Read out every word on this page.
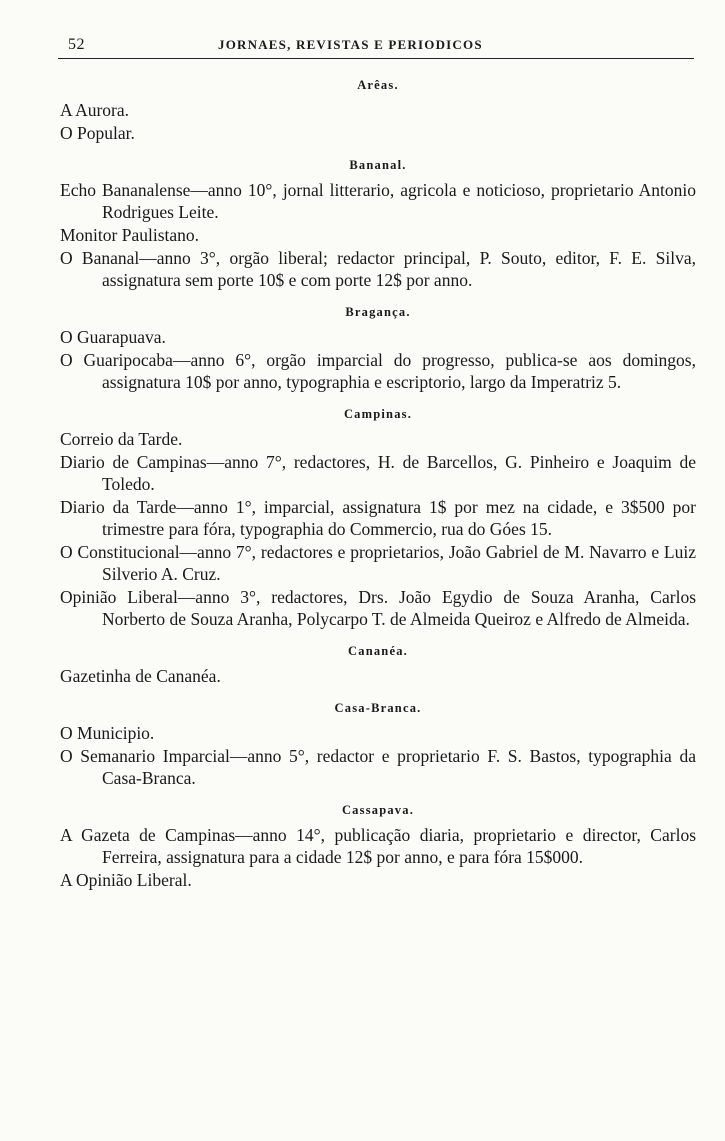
52	JORNAES, REVISTAS E PERIODICOS
Arêas.
A Aurora.
O Popular.
Bananal.
Echo Bananalense—anno 10°, jornal litterario, agricola e noticioso, proprietario Antonio Rodrigues Leite.
Monitor Paulistano.
O Bananal—anno 3°, orgão liberal; redactor principal, P. Souto, editor, F. E. Silva, assignatura sem porte 10$ e com porte 12$ por anno.
Bragança.
O Guarapuava.
O Guaripocaba—anno 6°, orgão imparcial do progresso, publica-se aos domingos, assignatura 10$ por anno, typographia e escriptorio, largo da Imperatriz 5.
Campinas.
Correio da Tarde.
Diario de Campinas—anno 7°, redactores, H. de Barcellos, G. Pinheiro e Joaquim de Toledo.
Diario da Tarde—anno 1°, imparcial, assignatura 1$ por mez na cidade, e 3$500 por trimestre para fóra, typographia do Commercio, rua do Góes 15.
O Constitucional—anno 7°, redactores e proprietarios, João Gabriel de M. Navarro e Luiz Silverio A. Cruz.
Opinião Liberal—anno 3°, redactores, Drs. João Egydio de Souza Aranha, Carlos Norberto de Souza Aranha, Polycarpo T. de Almeida Queiroz e Alfredo de Almeida.
Cananéa.
Gazetinha de Cananéa.
Casa-Branca.
O Municipio.
O Semanario Imparcial—anno 5°, redactor e proprietario F. S. Bastos, typographia da Casa-Branca.
Cassapava.
A Gazeta de Campinas—anno 14°, publicação diaria, proprietario e director, Carlos Ferreira, assignatura para a cidade 12$ por anno, e para fóra 15$000.
A Opinião Liberal.
